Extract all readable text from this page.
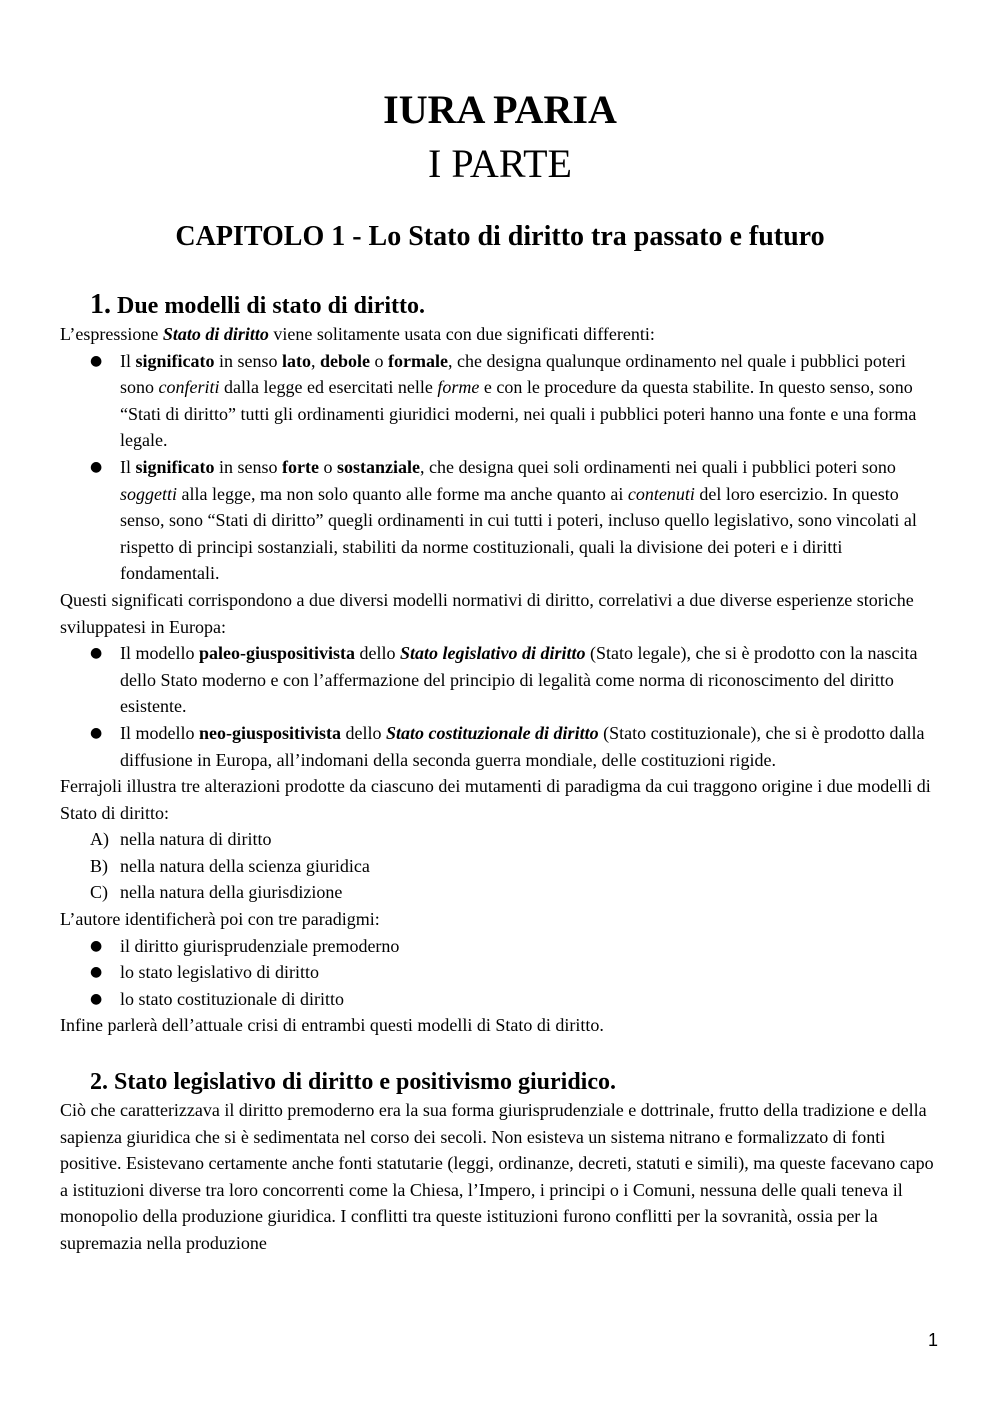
IURA PARIA
I PARTE
CAPITOLO 1 - Lo Stato di diritto tra passato e futuro
1. Due modelli di stato di diritto.

L’espressione Stato di diritto viene solitamente usata con due significati differenti:

● Il significato in senso lato, debole o formale, che designa qualunque ordinamento nel quale i pubblici poteri sono conferiti dalla legge ed esercitati nelle forme e con le procedure da questa stabilite. In questo senso, sono “Stati di diritto” tutti gli ordinamenti giuridici moderni, nei quali i pubblici poteri hanno una fonte e una forma legale.
● Il significato in senso forte o sostanziale, che designa quei soli ordinamenti nei quali i pubblici poteri sono soggetti alla legge, ma non solo quanto alle forme ma anche quanto ai contenuti del loro esercizio. In questo senso, sono “Stati di diritto” quegli ordinamenti in cui tutti i poteri, incluso quello legislativo, sono vincolati al rispetto di principi sostanziali, stabiliti da norme costituzionali, quali la divisione dei poteri e i diritti fondamentali.

Questi significati corrispondono a due diversi modelli normativi di diritto, correlativi a due diverse esperienze storiche sviluppatesi in Europa:

● Il modello paleo-giuspositivista dello Stato legislativo di diritto (Stato legale), che si è prodotto con la nascita dello Stato moderno e con l’affermazione del principio di legalità come norma di riconoscimento del diritto esistente.
● Il modello neo-giuspositivista dello Stato costituzionale di diritto (Stato costituzionale), che si è prodotto dalla diffusione in Europa, all’indomani della seconda guerra mondiale, delle costituzioni rigide.

Ferrajoli illustra tre alterazioni prodotte da ciascuno dei mutamenti di paradigma da cui traggono origine i due modelli di Stato di diritto:

A) nella natura di diritto
B) nella natura della scienza giuridica
C) nella natura della giurisdizione

L’autore identificherà poi con tre paradigmi:

● il diritto giurisprudenziale premoderno
● lo stato legislativo di diritto
● lo stato costituzionale di diritto

Infine parlerà dell’attuale crisi di entrambi questi modelli di Stato di diritto.

2. Stato legislativo di diritto e positivismo giuridico.

Ciò che caratterizzava il diritto premoderno era la sua forma giurisprudenziale e dottrinale, frutto della tradizione e della sapienza giuridica che si è sedimentata nel corso dei secoli. Non esisteva un sistema nitrano e formalizzato di fonti positive. Esistevano certamente anche fonti statutarie (leggi, ordinanze, decreti, statuti e simili), ma queste facevano capo a istituzioni diverse tra loro concorrenti come la Chiesa, l’Impero, i principi o i Comuni, nessuna delle quali teneva il monopolio della produzione giuridica. I conflitti tra queste istituzioni furono conflitti per la sovranità, ossia per la supremazia nella produzione

1
